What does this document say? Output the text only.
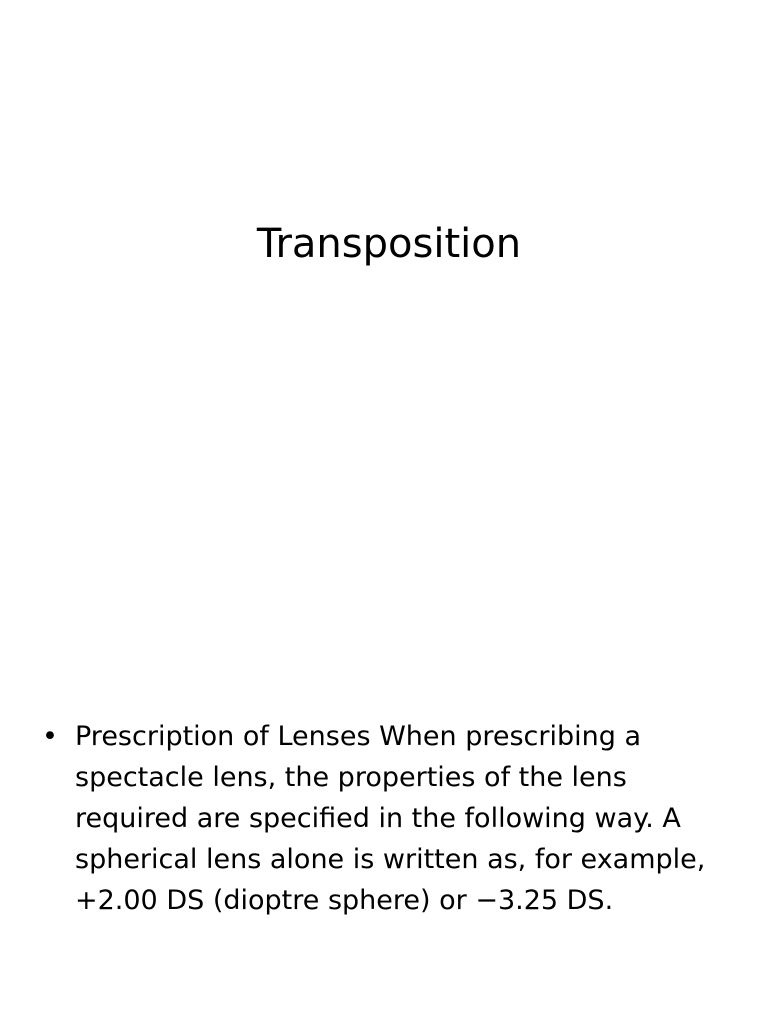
Transposition
• Prescription of Lenses When prescribing a spectacle lens, the properties of the lens required are specified in the following way. A spherical lens alone is written as, for example, +2.00 DS (dioptre sphere) or −3.25 DS.
